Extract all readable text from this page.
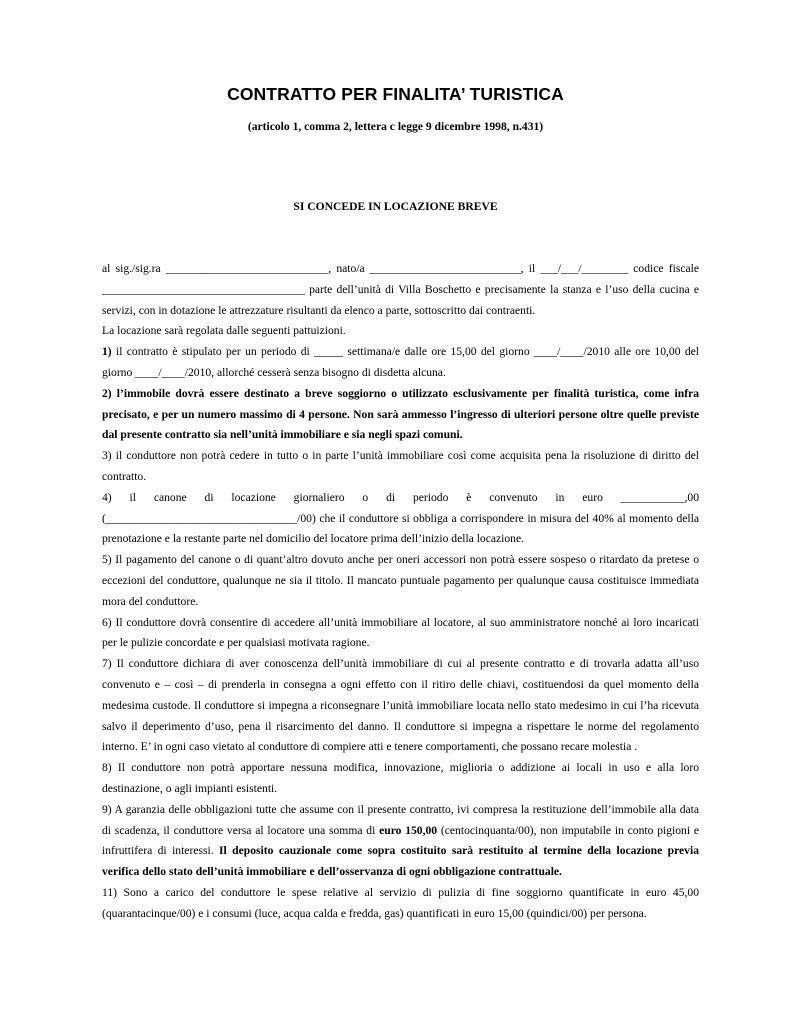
CONTRATTO PER FINALITA’ TURISTICA
(articolo 1, comma 2, lettera c legge 9 dicembre 1998, n.431)
SI CONCEDE IN LOCAZIONE BREVE

al sig./sig.ra ____________________________, nato/a __________________________, il ___/___/________ codice fiscale ___________________________________ parte dell’unità di Villa Boschetto e precisamente la stanza e l’uso della cucina e servizi, con in dotazione le attrezzature risultanti da elenco a parte, sottoscritto dai contraenti.

La locazione sarà regolata dalle seguenti pattuizioni.

1) il contratto è stipulato per un periodo di _____ settimana/e dalle ore 15,00 del giorno ____/____/2010 alle ore 10,00 del giorno ____/____/2010, allorché cesserà senza bisogno di disdetta alcuna.

2) l’immobile dovrà essere destinato a breve soggiorno o utilizzato esclusivamente per finalità turistica, come infra precisato, e per un numero massimo di 4 persone. Non sarà ammesso l’ingresso di ulteriori persone oltre quelle previste dal presente contratto sia nell’unità immobiliare e sia negli spazi comuni.

3) il conduttore non potrà cedere in tutto o in parte l’unità immobiliare così come acquisita pena la risoluzione di diritto del contratto.

4) il canone di locazione giornaliero o di periodo è convenuto in euro ___________,00 (_________________________________/00) che il conduttore si obbliga a corrispondere in misura del 40% al momento della prenotazione e la restante parte nel domicilio del locatore prima dell’inizio della locazione.

5) Il pagamento del canone o di quant’altro dovuto anche per oneri accessori non potrà essere sospeso o ritardato da pretese o eccezioni del conduttore, qualunque ne sia il titolo. Il mancato puntuale pagamento per qualunque causa costituisce immediata mora del conduttore.

6) Il conduttore dovrà consentire di accedere all’unità immobiliare al locatore, al suo amministratore nonché ai loro incaricati per le pulizie concordate e per qualsiasi motivata ragione.

7) Il conduttore dichiara di aver conoscenza dell’unità immobiliare di cui al presente contratto e di trovarla adatta all’uso convenuto e – così – di prenderla in consegna a ogni effetto con il ritiro delle chiavi, costituendosi da quel momento della medesima custode. Il conduttore si impegna a riconsegnare l’unità immobiliare locata nello stato medesimo in cui l’ha ricevuta salvo il deperimento d’uso, pena il risarcimento del danno. Il conduttore si impegna a rispettare le norme del regolamento interno. E’ in ogni caso vietato al conduttore di compiere atti e tenere comportamenti, che possano recare molestia .

8) Il conduttore non potrà apportare nessuna modifica, innovazione, miglioria o addizione ai locali in uso e alla loro destinazione, o agli impianti esistenti.

9) A garanzia delle obbligazioni tutte che assume con il presente contratto, ivi compresa la restituzione dell’immobile alla data di scadenza, il conduttore versa al locatore una somma di euro 150,00 (centocinquanta/00), non imputabile in conto pigioni e infruttifera di interessi. Il deposito cauzionale come sopra costituito sarà restituito al termine della locazione previa verifica dello stato dell’unità immobiliare e dell’osservanza di ogni obbligazione contrattuale.

11) Sono a carico del conduttore le spese relative al servizio di pulizia di fine soggiorno quantificate in euro 45,00 (quarantacinque/00) e i consumi (luce, acqua calda e fredda, gas) quantificati in euro 15,00 (quindici/00) per persona.
